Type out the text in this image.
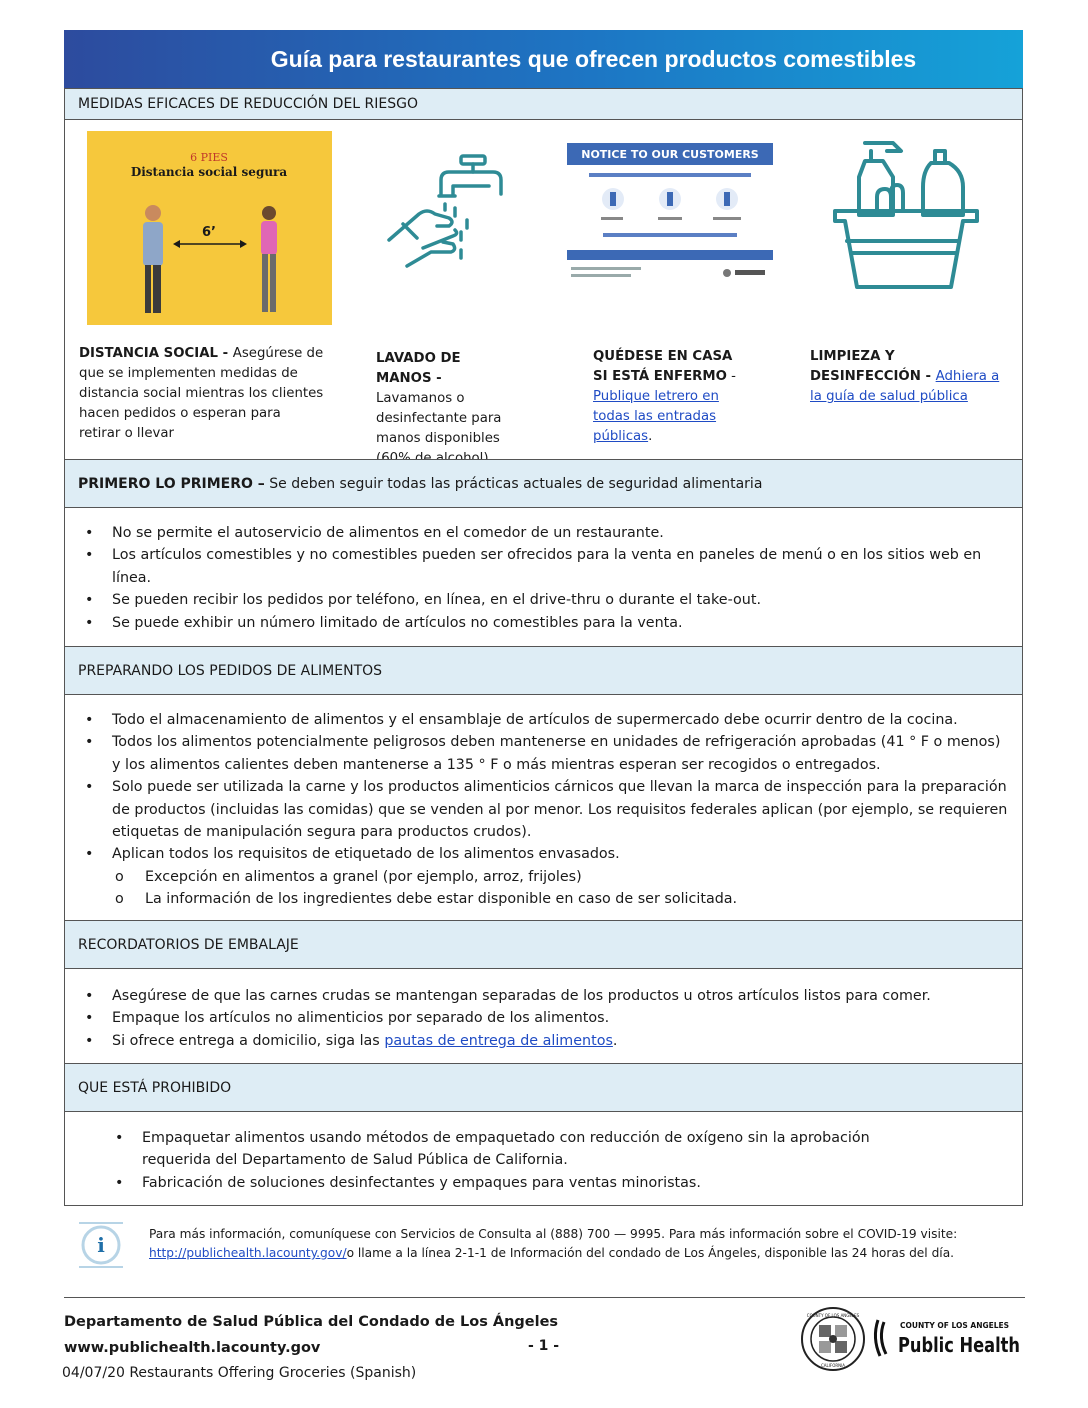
Guía para restaurantes que ofrecen productos comestibles
MEDIDAS EFICACES DE REDUCCIÓN DEL RIESGO
6 PIES
Distancia social segura
6’
NOTICE TO OUR CUSTOMERS
DISTANCIA SOCIAL - Asegúrese de que se implementen medidas de distancia social mientras los clientes hacen pedidos o esperan para retirar o llevar
LAVADO DE MANOS - Lavamanos o desinfectante para manos disponibles
QUÉDESE EN CASA SI ESTÁ ENFERMO - Publique letrero en todas las entradas públicas.
LIMPIEZA Y DESINFECCIÓN - Adhiera a la guía de salud pública
PRIMERO LO PRIMERO – Se deben seguir todas las prácticas actuales de seguridad alimentaria
• No se permite el autoservicio de alimentos en el comedor de un restaurante.
• Los artículos comestibles y no comestibles pueden ser ofrecidos para la venta en paneles de menú o en los sitios web en línea.
• Se pueden recibir los pedidos por teléfono, en línea, en el drive-thru o durante el take-out.
• Se puede exhibir un número limitado de artículos no comestibles para la venta.
PREPARANDO LOS PEDIDOS DE ALIMENTOS
• Todo el almacenamiento de alimentos y el ensamblaje de artículos de supermercado debe ocurrir dentro de la cocina.
• Todos los alimentos potencialmente peligrosos deben mantenerse en unidades de refrigeración aprobadas (41 ° F o menos) y los alimentos calientes deben mantenerse a 135 ° F o más mientras esperan ser recogidos o entregados.
• Solo puede ser utilizada la carne y los productos alimenticios cárnicos que llevan la marca de inspección para la preparación de productos (incluidas las comidas) que se venden al por menor. Los requisitos federales aplican (por ejemplo, se requieren etiquetas de manipulación segura para productos crudos).
• Aplican todos los requisitos de etiquetado de los alimentos envasados.
o Excepción en alimentos a granel (por ejemplo, arroz, frijoles)
o La información de los ingredientes debe estar disponible en caso de ser solicitada.
RECORDATORIOS DE EMBALAJE
• Asegúrese de que las carnes crudas se mantengan separadas de los productos u otros artículos listos para comer.
• Empaque los artículos no alimenticios por separado de los alimentos.
• Si ofrece entrega a domicilio, siga las pautas de entrega de alimentos.
QUE ESTÁ PROHIBIDO
• Empaquetar alimentos usando métodos de empaquetado con reducción de oxígeno sin la aprobación requerida del Departamento de Salud Pública de California.
• Fabricación de soluciones desinfectantes y empaques para ventas minoristas.
i	Para más información, comuníquese con Servicios de Consulta al (888) 700 — 9995. Para más información sobre el COVID-19 visite:
http://publichealth.lacounty.gov/o llame a la línea 2-1-1 de Información del condado de Los Ángeles, disponible las 24 horas del día.
Departamento de Salud Pública del Condado de Los Ángeles
www.publichealth.lacounty.gov	- 1 -
04/07/20 Restaurants Offering Groceries (Spanish)
COUNTY OF LOS ANGELES
CALIFORNIA
COUNTY OF LOS ANGELES
Public Health
